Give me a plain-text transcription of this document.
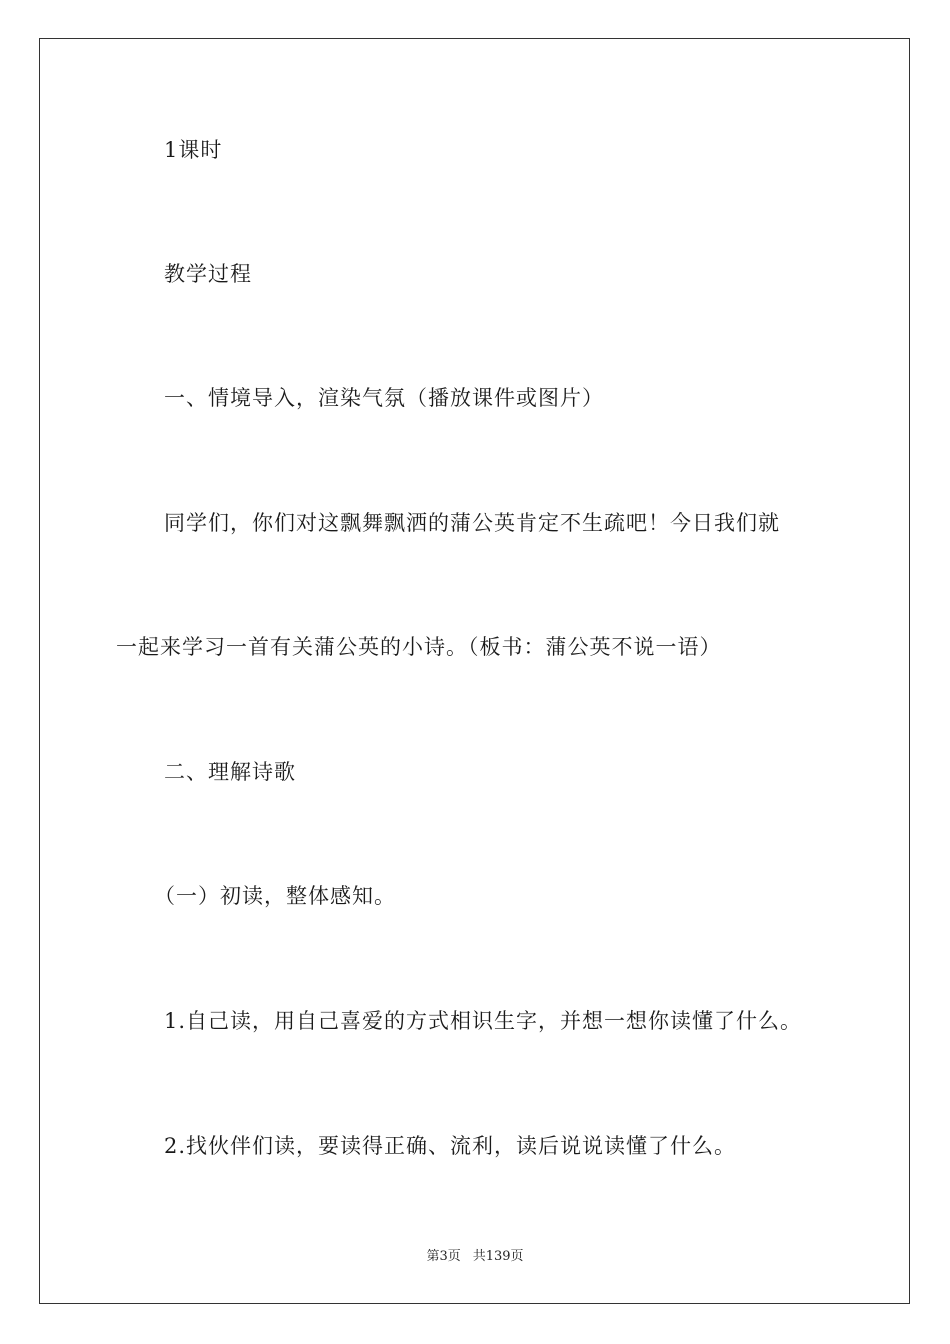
1课时
教学过程
一、情境导入，渲染气氛（播放课件或图片）
同学们，你们对这飘舞飘洒的蒲公英肯定不生疏吧！今日我们就
一起来学习一首有关蒲公英的小诗。（板书：蒲公英不说一语）
二、理解诗歌
（一）初读，整体感知。
1.自己读，用自己喜爱的方式相识生字，并想一想你读懂了什么。
2.找伙伴们读，要读得正确、流利，读后说说读懂了什么。
第3页 共139页
